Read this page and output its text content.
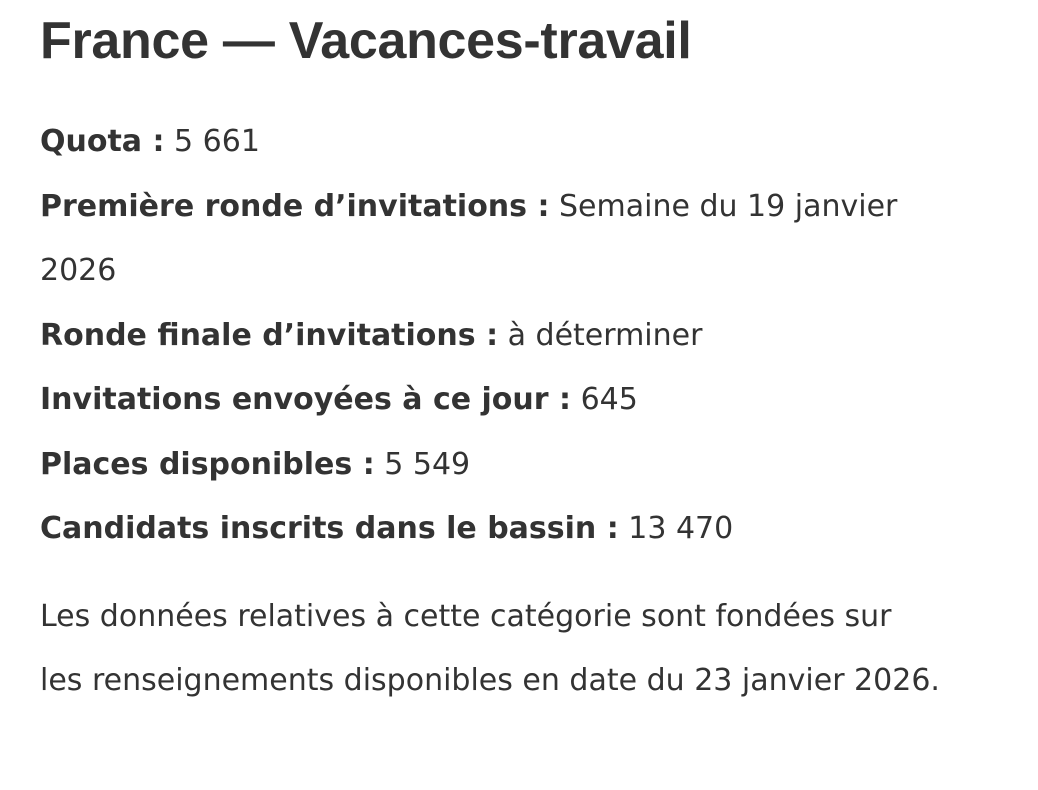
France — Vacances-travail
Quota : 5 661
Première ronde d’invitations : Semaine du 19 janvier 2026
Ronde finale d’invitations : à déterminer
Invitations envoyées à ce jour : 645
Places disponibles : 5 549
Candidats inscrits dans le bassin : 13 470

Les données relatives à cette catégorie sont fondées sur les renseignements disponibles en date du 23 janvier 2026.
